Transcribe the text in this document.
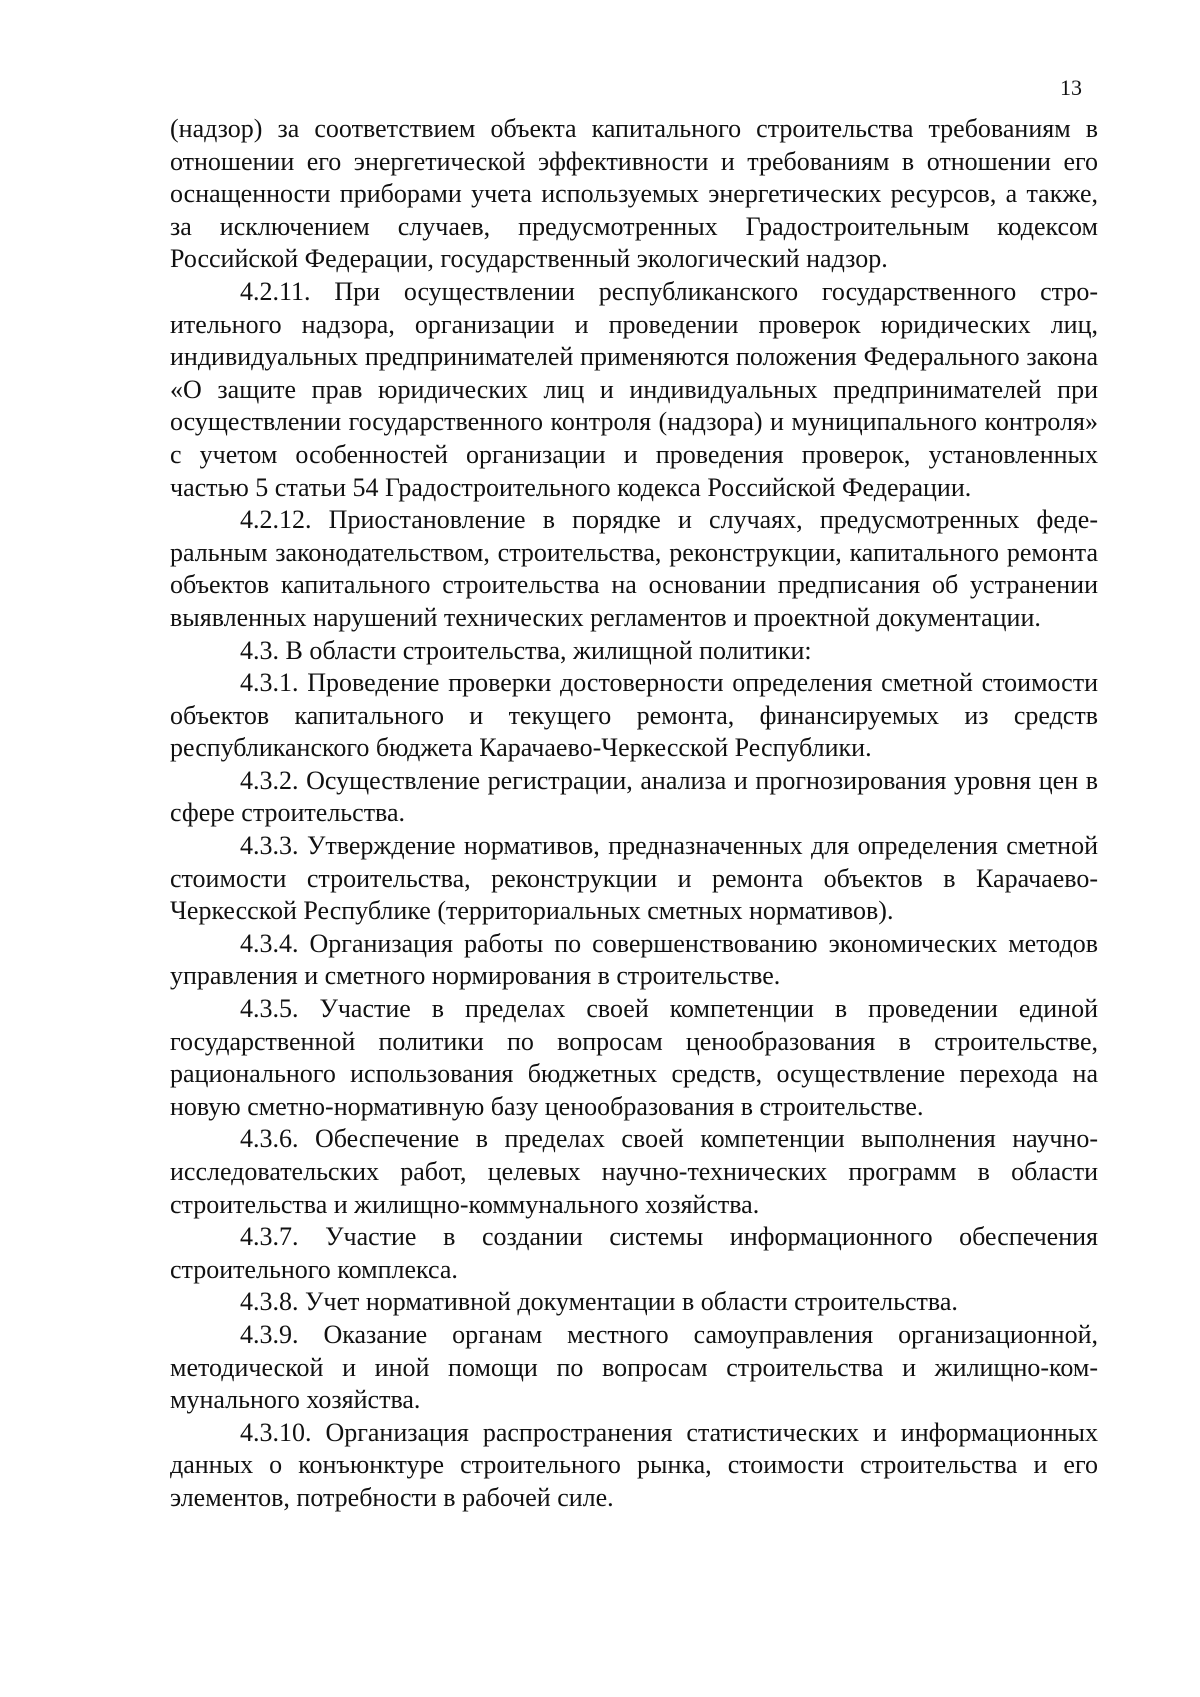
13

(надзор) за соответствием объекта капитального строительства требованиям в отношении его энергетической эффективности и требованиям в отношении его оснащенности приборами учета используемых энергетических ресурсов, а также, за исключением случаев, предусмотренных Градостроительным кодексом Российской Федерации, государственный экологический надзор.

4.2.11. При осуществлении республиканского государственного строительного надзора, организации и проведении проверок юридических лиц, индивидуальных предпринимателей применяются положения Федерального закона «О защите прав юридических лиц и индивидуальных предпринимателей при осуществлении государственного контроля (надзора) и муниципального контроля» с учетом особенностей организации и проведения проверок, установленных частью 5 статьи 54 Градостроительного кодекса Российской Федерации.

4.2.12. Приостановление в порядке и случаях, предусмотренных федеральным законодательством, строительства, реконструкции, капитального ремонта объектов капитального строительства на основании предписания об устранении выявленных нарушений технических регламентов и проектной документации.

4.3. В области строительства, жилищной политики:

4.3.1. Проведение проверки достоверности определения сметной стоимости объектов капитального и текущего ремонта, финансируемых из средств республиканского бюджета Карачаево-Черкесской Республики.

4.3.2. Осуществление регистрации, анализа и прогнозирования уровня цен в сфере строительства.

4.3.3. Утверждение нормативов, предназначенных для определения сметной стоимости строительства, реконструкции и ремонта объектов в Карачаево-Черкесской Республике (территориальных сметных нормативов).

4.3.4. Организация работы по совершенствованию экономических методов управления и сметного нормирования в строительстве.

4.3.5. Участие в пределах своей компетенции в проведении единой государственной политики по вопросам ценообразования в строительстве, рационального использования бюджетных средств, осуществление перехода на новую сметно-нормативную базу ценообразования в строительстве.

4.3.6. Обеспечение в пределах своей компетенции выполнения научно-исследовательских работ, целевых научно-технических программ в области строительства и жилищно-коммунального хозяйства.

4.3.7. Участие в создании системы информационного обеспечения строительного комплекса.

4.3.8. Учет нормативной документации в области строительства.

4.3.9. Оказание органам местного самоуправления организационной, методической и иной помощи по вопросам строительства и жилищно-коммунального хозяйства.

4.3.10. Организация распространения статистических и информационных данных о конъюнктуре строительного рынка, стоимости строительства и его элементов, потребности в рабочей силе.
